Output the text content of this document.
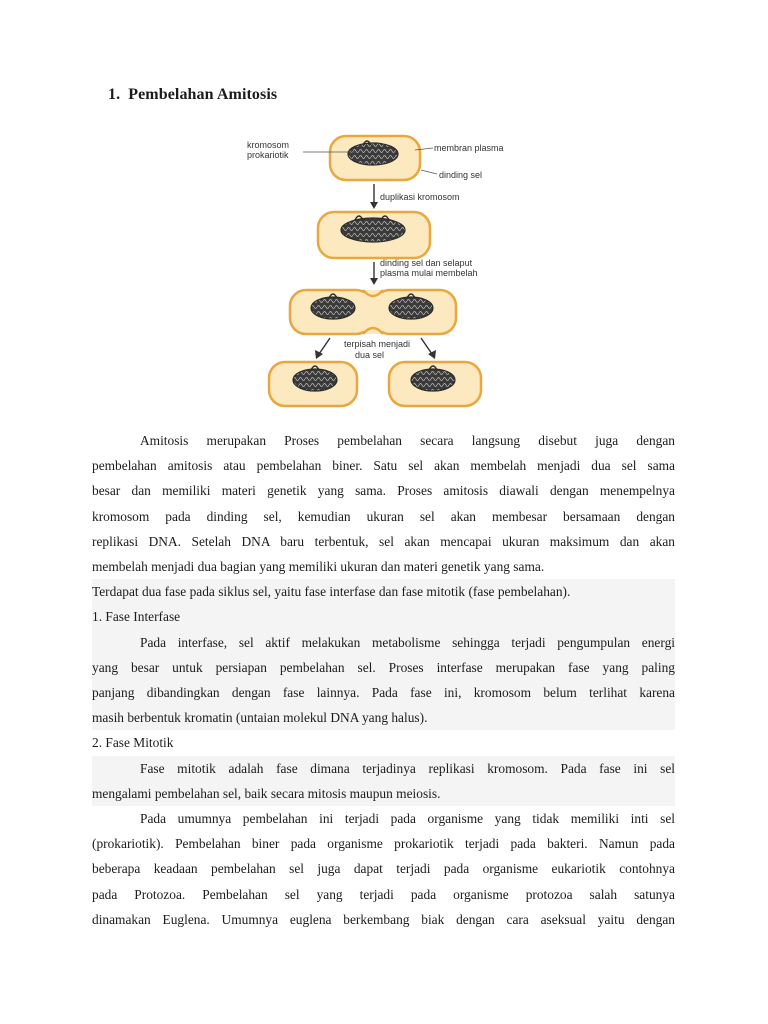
1. Pembelahan Amitosis
kromosom
prokariotik
membran plasma
dinding sel
duplikasi kromosom
dinding sel dan selaput
plasma mulai membelah
terpisah menjadi
dua sel

Amitosis merupakan Proses pembelahan secara langsung disebut juga dengan
pembelahan amitosis atau pembelahan biner. Satu sel akan membelah menjadi dua sel sama
besar dan memiliki materi genetik yang sama. Proses amitosis diawali dengan menempelnya
kromosom pada dinding sel, kemudian ukuran sel akan membesar bersamaan dengan
replikasi DNA. Setelah DNA baru terbentuk, sel akan mencapai ukuran maksimum dan akan
membelah menjadi dua bagian yang memiliki ukuran dan materi genetik yang sama.

Terdapat dua fase pada siklus sel, yaitu fase interfase dan fase mitotik (fase pembelahan).

1. Fase Interfase

Pada interfase, sel aktif melakukan metabolisme sehingga terjadi pengumpulan energi
yang besar untuk persiapan pembelahan sel. Proses interfase merupakan fase yang paling
panjang dibandingkan dengan fase lainnya. Pada fase ini, kromosom belum terlihat karena
masih berbentuk kromatin (untaian molekul DNA yang halus).

2. Fase Mitotik

Fase mitotik adalah fase dimana terjadinya replikasi kromosom. Pada fase ini sel
mengalami pembelahan sel, baik secara mitosis maupun meiosis.

Pada umumnya pembelahan ini terjadi pada organisme yang tidak memiliki inti sel
(prokariotik). Pembelahan biner pada organisme prokariotik terjadi pada bakteri. Namun pada
beberapa keadaan pembelahan sel juga dapat terjadi pada organisme eukariotik contohnya
pada Protozoa. Pembelahan sel yang terjadi pada organisme protozoa salah satunya
dinamakan Euglena. Umumnya euglena berkembang biak dengan cara aseksual yaitu dengan
